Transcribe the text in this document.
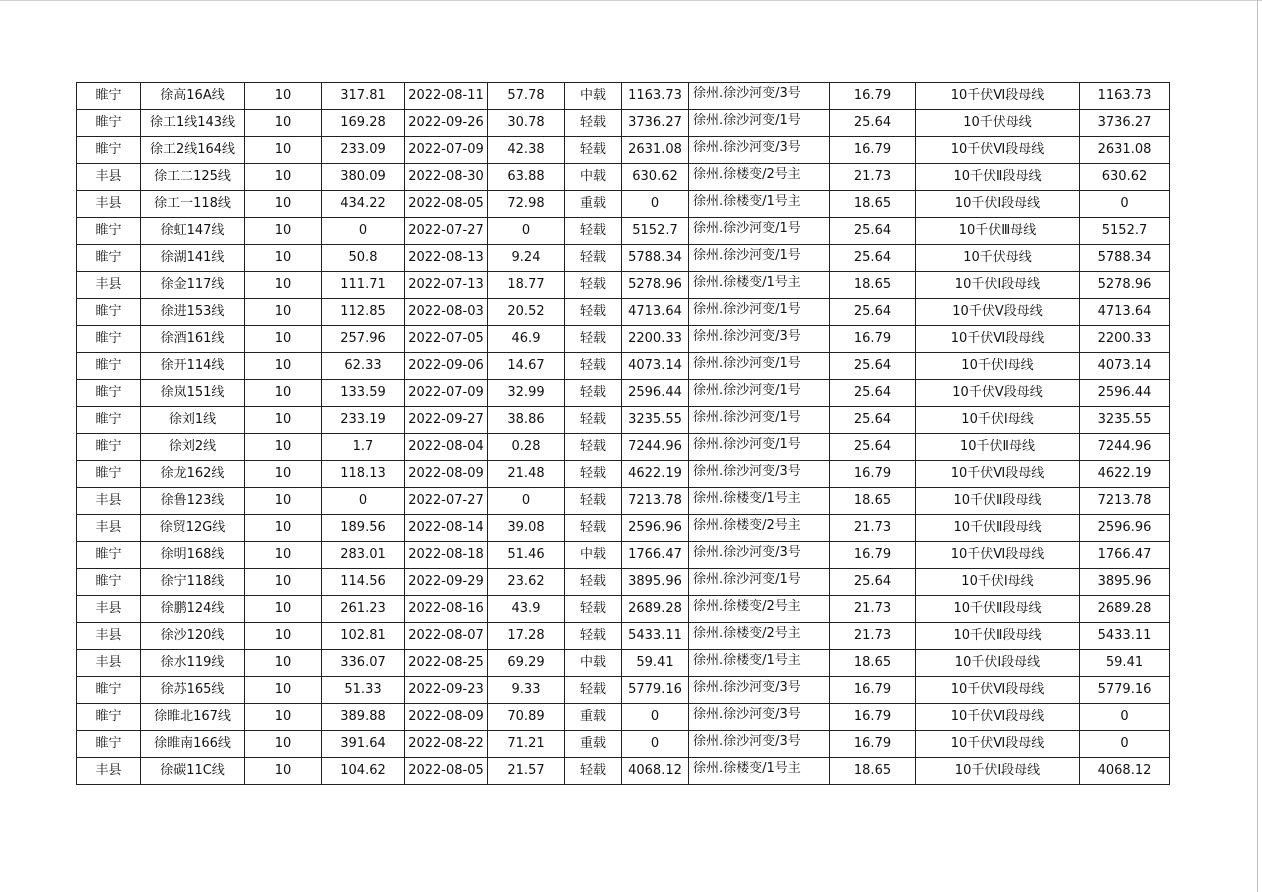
睢宁	徐高16A线	10	317.81	2022-08-11	57.78	中载	1163.73	徐州.徐沙河变/3号	16.79	10千伏Ⅵ段母线	1163.73
睢宁	徐工1线143线	10	169.28	2022-09-26	30.78	轻载	3736.27	徐州.徐沙河变/1号	25.64	10千伏母线	3736.27
睢宁	徐工2线164线	10	233.09	2022-07-09	42.38	轻载	2631.08	徐州.徐沙河变/3号	16.79	10千伏Ⅵ段母线	2631.08
丰县	徐工二125线	10	380.09	2022-08-30	63.88	中载	630.62	徐州.徐楼变/2号主	21.73	10千伏Ⅱ段母线	630.62
丰县	徐工一118线	10	434.22	2022-08-05	72.98	重载	0	徐州.徐楼变/1号主	18.65	10千伏Ⅰ段母线	0
睢宁	徐虹147线	10	0	2022-07-27	0	轻载	5152.7	徐州.徐沙河变/1号	25.64	10千伏Ⅲ母线	5152.7
睢宁	徐湖141线	10	50.8	2022-08-13	9.24	轻载	5788.34	徐州.徐沙河变/1号	25.64	10千伏母线	5788.34
丰县	徐金117线	10	111.71	2022-07-13	18.77	轻载	5278.96	徐州.徐楼变/1号主	18.65	10千伏Ⅰ段母线	5278.96
睢宁	徐进153线	10	112.85	2022-08-03	20.52	轻载	4713.64	徐州.徐沙河变/1号	25.64	10千伏Ⅴ段母线	4713.64
睢宁	徐酒161线	10	257.96	2022-07-05	46.9	轻载	2200.33	徐州.徐沙河变/3号	16.79	10千伏Ⅵ段母线	2200.33
睢宁	徐开114线	10	62.33	2022-09-06	14.67	轻载	4073.14	徐州.徐沙河变/1号	25.64	10千伏Ⅰ母线	4073.14
睢宁	徐岚151线	10	133.59	2022-07-09	32.99	轻载	2596.44	徐州.徐沙河变/1号	25.64	10千伏Ⅴ段母线	2596.44
睢宁	徐刘1线	10	233.19	2022-09-27	38.86	轻载	3235.55	徐州.徐沙河变/1号	25.64	10千伏Ⅰ母线	3235.55
睢宁	徐刘2线	10	1.7	2022-08-04	0.28	轻载	7244.96	徐州.徐沙河变/1号	25.64	10千伏Ⅱ母线	7244.96
睢宁	徐龙162线	10	118.13	2022-08-09	21.48	轻载	4622.19	徐州.徐沙河变/3号	16.79	10千伏Ⅵ段母线	4622.19
丰县	徐鲁123线	10	0	2022-07-27	0	轻载	7213.78	徐州.徐楼变/1号主	18.65	10千伏Ⅱ段母线	7213.78
丰县	徐贸12G线	10	189.56	2022-08-14	39.08	轻载	2596.96	徐州.徐楼变/2号主	21.73	10千伏Ⅱ段母线	2596.96
睢宁	徐明168线	10	283.01	2022-08-18	51.46	中载	1766.47	徐州.徐沙河变/3号	16.79	10千伏Ⅵ段母线	1766.47
睢宁	徐宁118线	10	114.56	2022-09-29	23.62	轻载	3895.96	徐州.徐沙河变/1号	25.64	10千伏Ⅰ母线	3895.96
丰县	徐鹏124线	10	261.23	2022-08-16	43.9	轻载	2689.28	徐州.徐楼变/2号主	21.73	10千伏Ⅱ段母线	2689.28
丰县	徐沙120线	10	102.81	2022-08-07	17.28	轻载	5433.11	徐州.徐楼变/2号主	21.73	10千伏Ⅱ段母线	5433.11
丰县	徐水119线	10	336.07	2022-08-25	69.29	中载	59.41	徐州.徐楼变/1号主	18.65	10千伏Ⅰ段母线	59.41
睢宁	徐苏165线	10	51.33	2022-09-23	9.33	轻载	5779.16	徐州.徐沙河变/3号	16.79	10千伏Ⅵ段母线	5779.16
睢宁	徐睢北167线	10	389.88	2022-08-09	70.89	重载	0	徐州.徐沙河变/3号	16.79	10千伏Ⅵ段母线	0
睢宁	徐睢南166线	10	391.64	2022-08-22	71.21	重载	0	徐州.徐沙河变/3号	16.79	10千伏Ⅵ段母线	0
丰县	徐碳11C线	10	104.62	2022-08-05	21.57	轻载	4068.12	徐州.徐楼变/1号主	18.65	10千伏Ⅰ段母线	4068.12
